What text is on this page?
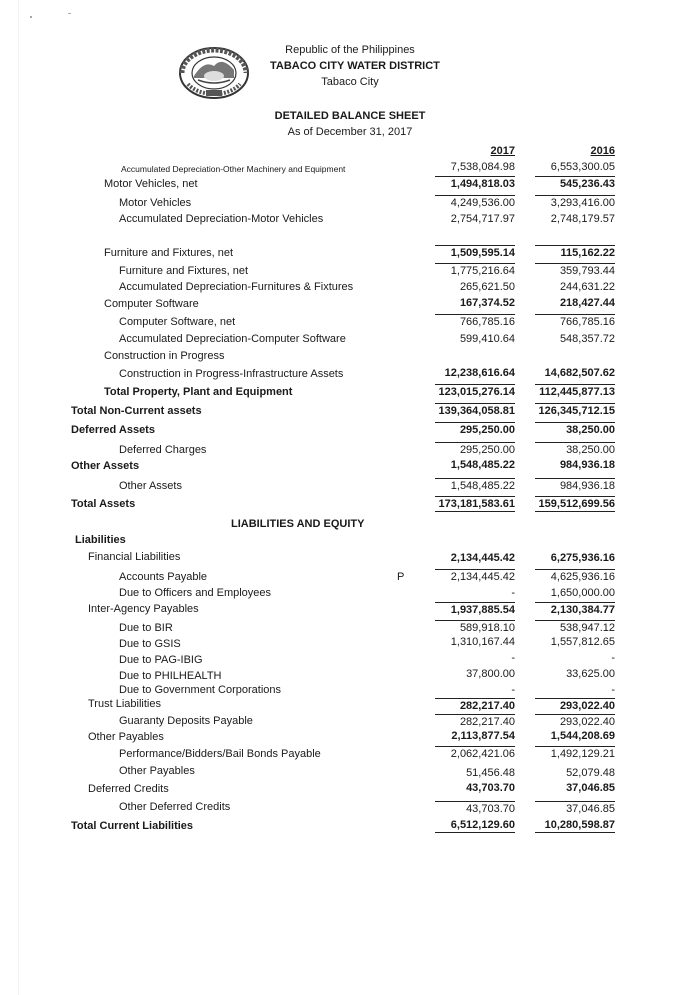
Republic of the Philippines
TABACO CITY WATER DISTRICT
Tabaco City
DETAILED BALANCE SHEET
As of December 31, 2017
2017	2016
Accumulated Depreciation-Other Machinery and Equipment	7,538,084.98	6,553,300.05
Motor Vehicles, net	1,494,818.03	545,236.43
Motor Vehicles	4,249,536.00	3,293,416.00
Accumulated Depreciation-Motor Vehicles	2,754,717.97	2,748,179.57
Furniture and Fixtures, net	1,509,595.14	115,162.22
Furniture and Fixtures, net	1,775,216.64	359,793.44
Accumulated Depreciation-Furnitures & Fixtures	265,621.50	244,631.22
Computer Software	167,374.52	218,427.44
Computer Software, net	766,785.16	766,785.16
Accumulated Depreciation-Computer Software	599,410.64	548,357.72
Construction in Progress
Construction in Progress-Infrastructure Assets	12,238,616.64	14,682,507.62
Total Property, Plant and Equipment	123,015,276.14	112,445,877.13
Total Non-Current assets	139,364,058.81	126,345,712.15
Deferred Assets	295,250.00	38,250.00
Deferred Charges	295,250.00	38,250.00
Other Assets	1,548,485.22	984,936.18
Other Assets	1,548,485.22	984,936.18
Total Assets	173,181,583.61	159,512,699.56
LIABILITIES AND EQUITY
Liabilities
Financial Liabilities	2,134,445.42	6,275,936.16
Accounts Payable	P	2,134,445.42	4,625,936.16
Due to Officers and Employees	-	1,650,000.00
Inter-Agency Payables	1,937,885.54	2,130,384.77
Due to BIR	589,918.10	538,947.12
Due to GSIS	1,310,167.44	1,557,812.65
Due to PAG-IBIG	-	-
Due to PHILHEALTH	37,800.00	33,625.00
Due to Government Corporations	-	-
Trust Liabilities	282,217.40	293,022.40
Guaranty Deposits Payable	282,217.40	293,022.40
Other Payables	2,113,877.54	1,544,208.69
Performance/Bidders/Bail Bonds Payable	2,062,421.06	1,492,129.21
Other Payables	51,456.48	52,079.48
Deferred Credits	43,703.70	37,046.85
Other Deferred Credits	43,703.70	37,046.85
Total Current Liabilities	6,512,129.60	10,280,598.87
